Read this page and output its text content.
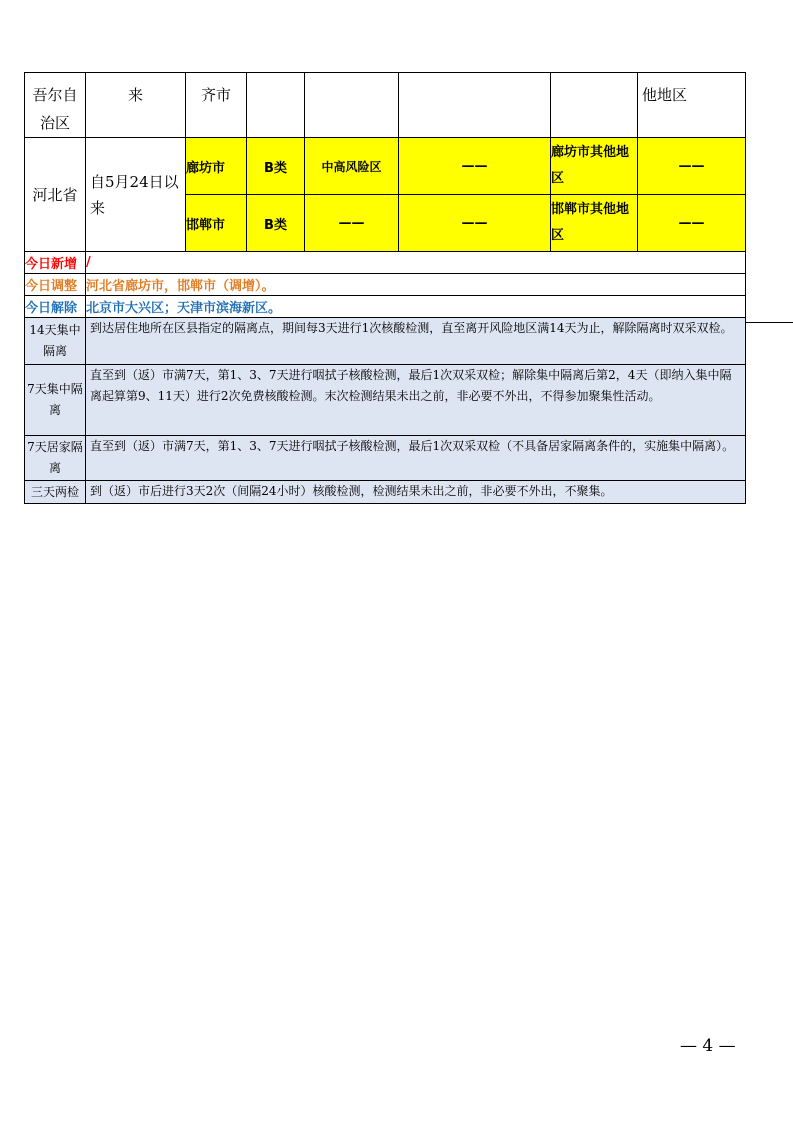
吾尔自治区	来	齐市					他地区

河北省	自5月24日以来	廊坊市	B类	中高风险区	——	廊坊市其他地区	——
		邯郸市	B类	——	——	邯郸市其他地区	——
今日新增	/						
今日调整	河北省廊坊市，邯郸市（调增）。						
今日解除	北京市大兴区；天津市滨海新区。						
14天集中隔离	到达居住地所在区县指定的隔离点，期间每3天进行1次核酸检测，直至离开风险地区满14天为止，解除隔离时双采双检。						
7天集中隔离	直至到（返）市满7天，第1、3、7天进行咽拭子核酸检测，最后1次双采双检；解除集中隔离后第2，4天（即纳入集中隔离起算第9、11天）进行2次免费核酸检测。末次检测结果未出之前，非必要不外出，不得参加聚集性活动。						
7天居家隔离	直至到（返）市满7天，第1、3、7天进行咽拭子核酸检测，最后1次双采双检（不具备居家隔离条件的，实施集中隔离）。						
三天两检	到（返）市后进行3天2次（间隔24小时）核酸检测，检测结果未出之前，非必要不外出，不聚集。						
— 4 —
